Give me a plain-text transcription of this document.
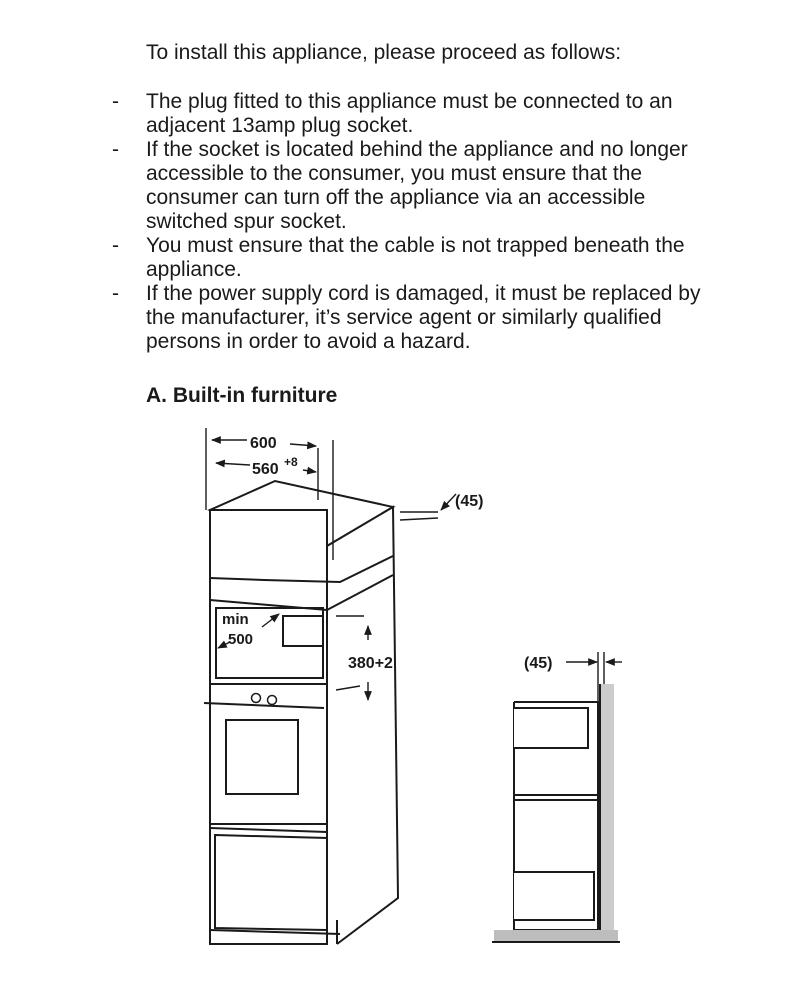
To install this appliance, please proceed as follows:

- The plug fitted to this appliance must be connected to an adjacent 13amp plug socket.
- If the socket is located behind the appliance and no longer accessible to the consumer, you must ensure that the consumer can turn off the appliance via an accessible switched spur socket.
- You must ensure that the cable is not trapped beneath the appliance.
- If the power supply cord is damaged, it must be replaced by the manufacturer, it’s service agent or similarly qualified persons in order to avoid a hazard.
A. Built-in furniture
600
560 +8
(45)
min
500
380+2	(45)
